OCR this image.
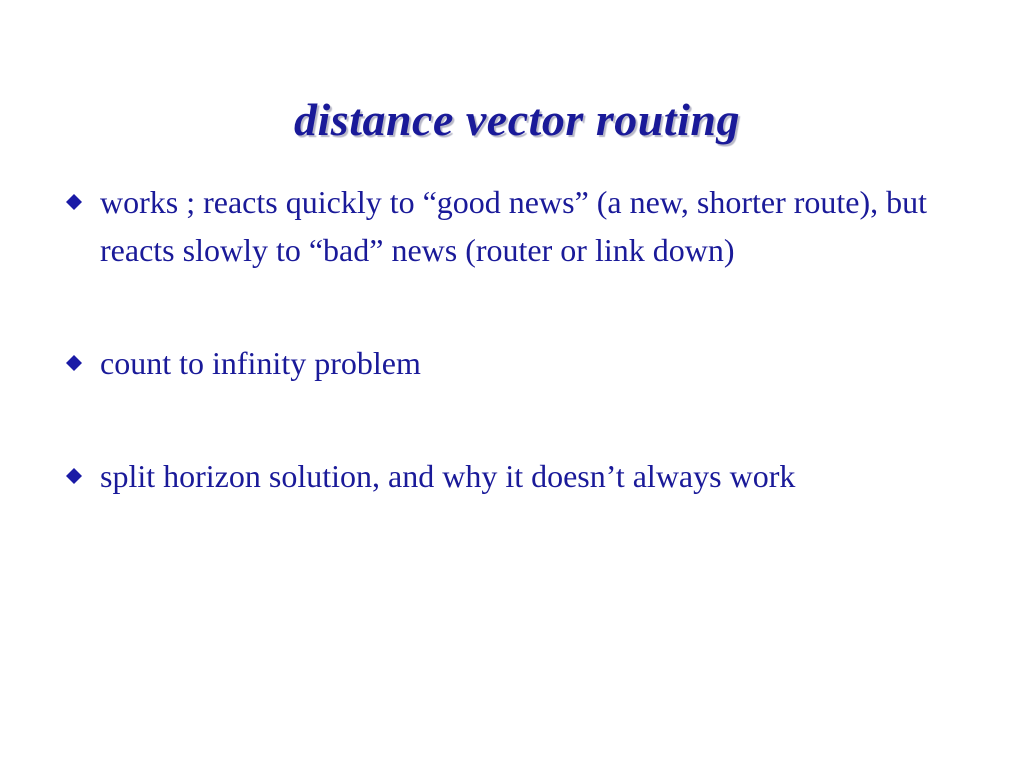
distance vector routing
works ; reacts quickly to “good news” (a new, shorter route), but reacts slowly to “bad” news (router or link down)
count to infinity problem
split horizon solution, and why it doesn’t always work
